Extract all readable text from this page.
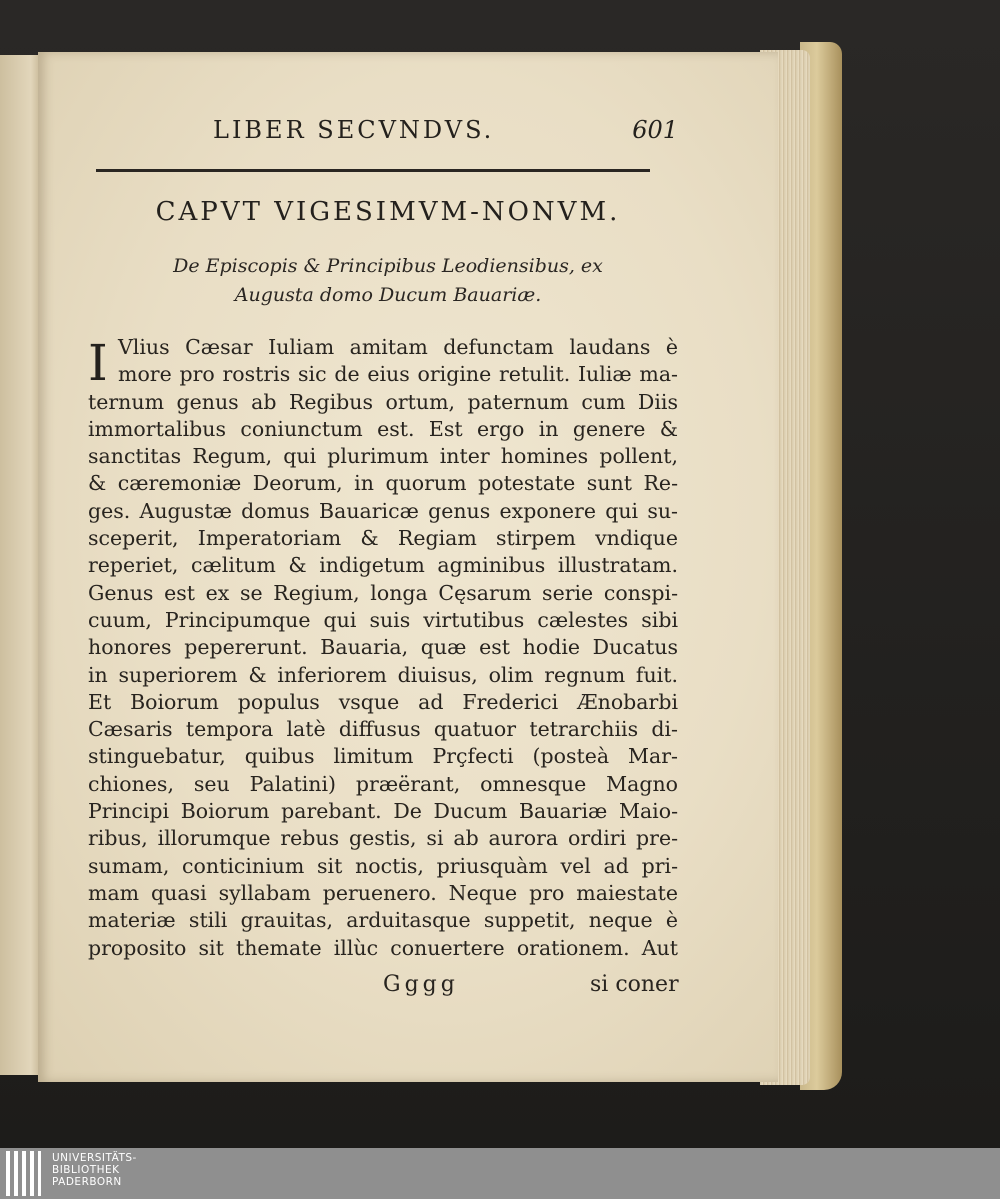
LIBER SECVNDVS.	601
CAPVT VIGESIMVM-NONVM.
De Episcopis & Principibus Leodiensibus, ex
Augusta domo Ducum Bauariæ.
I Vlius Cæsar Iuliam amitam defunctam laudans è
more pro rostris sic de eius origine retulit. Iuliæ ma-
ternum genus ab Regibus ortum, paternum cum Diis
immortalibus coniunctum est. Est ergo in genere &
sanctitas Regum, qui plurimum inter homines pollent,
& cæremoniæ Deorum, in quorum potestate sunt Re-
ges. Augustæ domus Bauaricæ genus exponere qui su-
sceperit, Imperatoriam & Regiam stirpem vndique
reperiet, cælitum & indigetum agminibus illustratam.
Genus est ex se Regium, longa Cęsarum serie conspi-
cuum, Principumque qui suis virtutibus cælestes sibi
honores pepererunt. Bauaria, quæ est hodie Ducatus
in superiorem & inferiorem diuisus, olim regnum fuit.
Et Boiorum populus vsque ad Frederici Ænobarbi
Cæsaris tempora latè diffusus quatuor tetrarchiis di-
stinguebatur, quibus limitum Prçfecti (posteà Mar-
chiones, seu Palatini) præërant, omnesque Magno
Principi Boiorum parebant. De Ducum Bauariæ Maio-
ribus, illorumque rebus gestis, si ab aurora ordiri pre-
sumam, conticinium sit noctis, priusquàm vel ad pri-
mam quasi syllabam peruenero. Neque pro maiestate
materiæ stili grauitas, arduitasque suppetit, neque è
proposito sit themate illùc conuertere orationem. Aut
Gggg	si coner
UNIVERSITÄTS-
BIBLIOTHEK
PADERBORN
